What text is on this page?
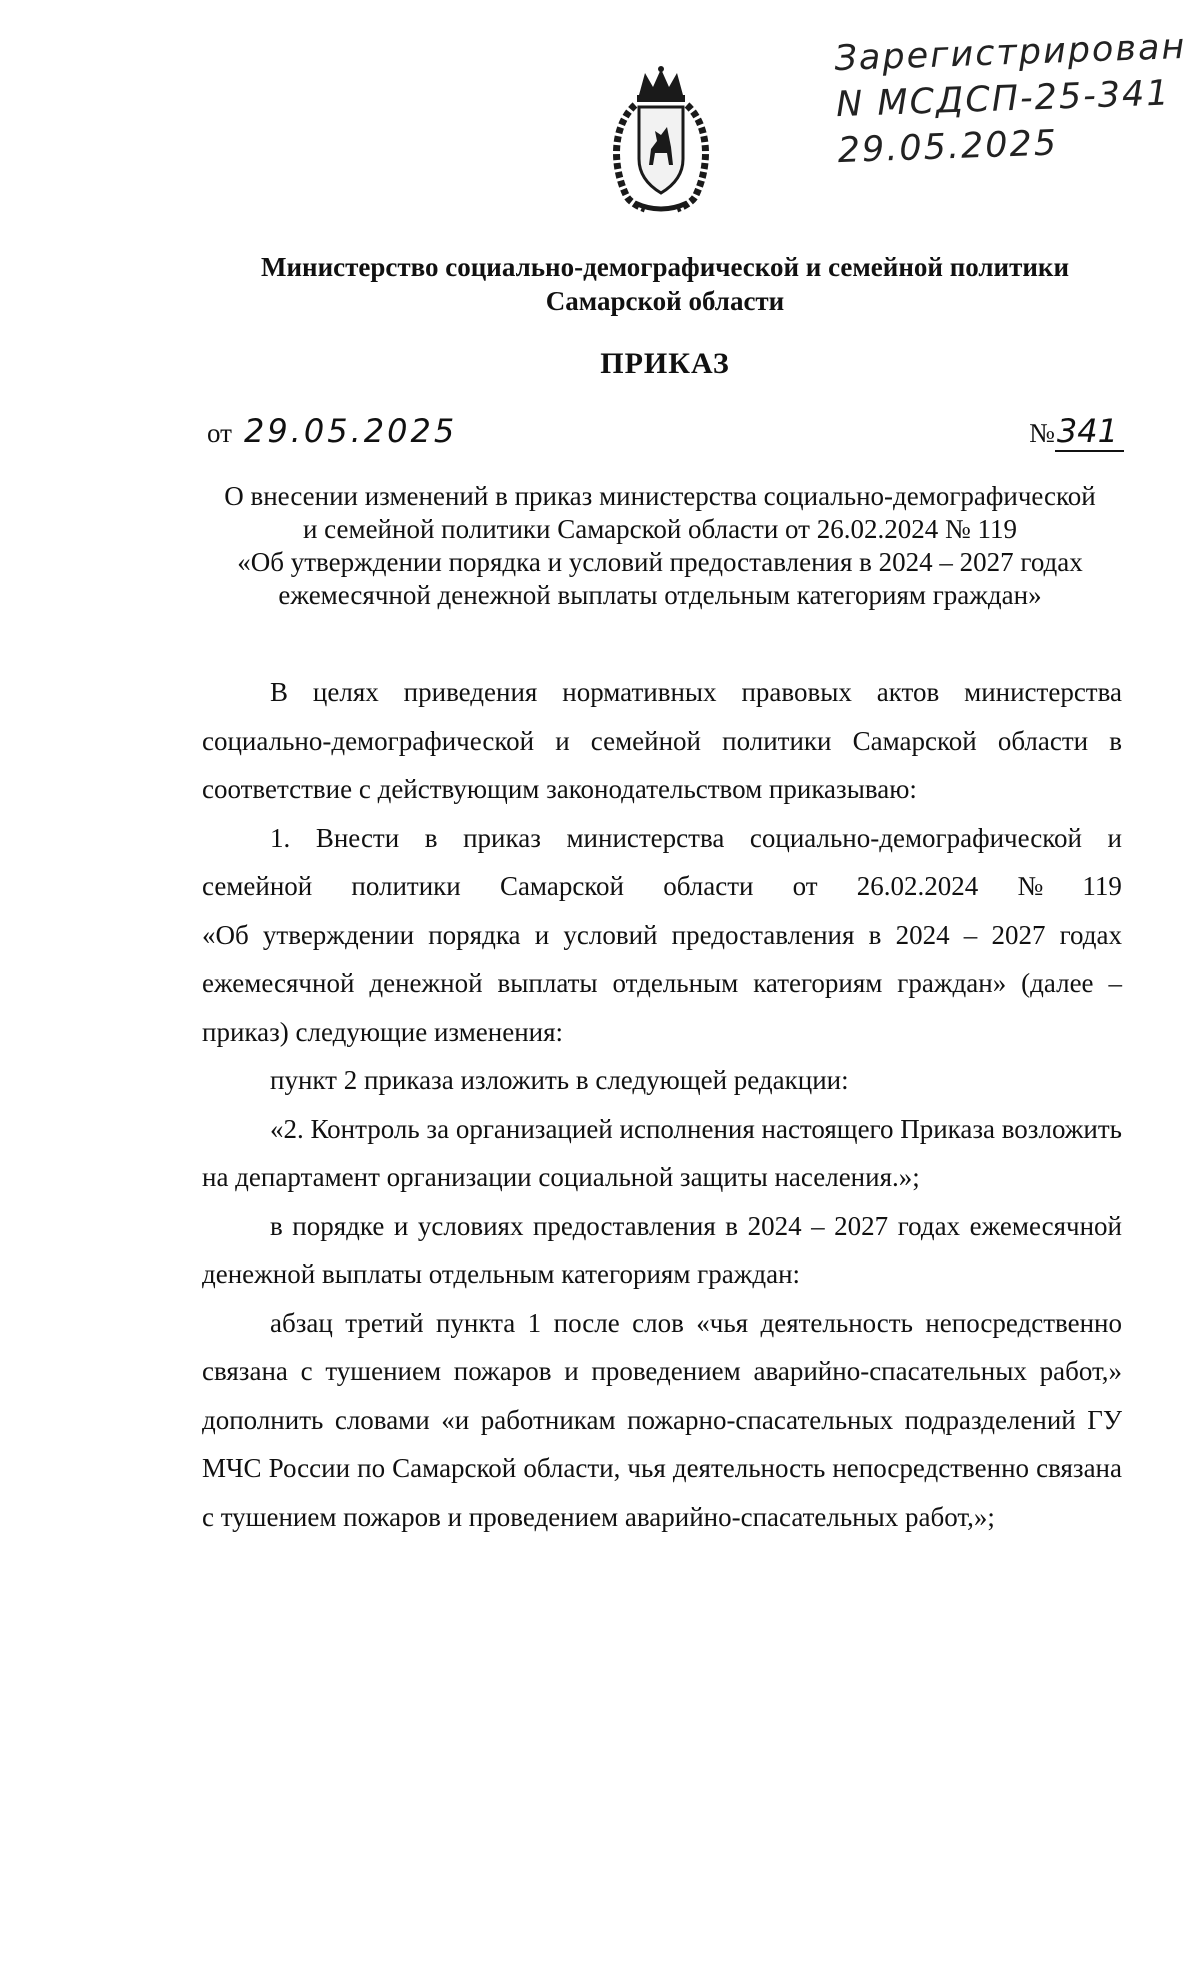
Зарегистрирован
N МСДСП-25-341
29.05.2025
Министерство социально-демографической и семейной политики
Самарской области
ПРИКАЗ
от 29.05.2025	№341
О внесении изменений в приказ министерства социально-демографической
и семейной политики Самарской области от 26.02.2024 № 119
«Об утверждении порядка и условий предоставления в 2024 – 2027 годах
ежемесячной денежной выплаты отдельным категориям граждан»

В целях приведения нормативных правовых актов министерства социально-демографической и семейной политики Самарской области в соответствие с действующим законодательством приказываю:

1. Внести в приказ министерства социально-демографической и

семейной политики Самарской области от 26.02.2024 № 119

«Об утверждении порядка и условий предоставления в 2024 – 2027 годах ежемесячной денежной выплаты отдельным категориям граждан» (далее – приказ) следующие изменения:

пункт 2 приказа изложить в следующей редакции:

«2. Контроль за организацией исполнения настоящего Приказа возложить на департамент организации социальной защиты населения.»;

в порядке и условиях предоставления в 2024 – 2027 годах ежемесячной денежной выплаты отдельным категориям граждан:

абзац третий пункта 1 после слов «чья деятельность непосредственно связана с тушением пожаров и проведением аварийно-спасательных работ,» дополнить словами «и работникам пожарно-спасательных подразделений ГУ МЧС России по Самарской области, чья деятельность непосредственно связана с тушением пожаров и проведением аварийно-спасательных работ,»;
